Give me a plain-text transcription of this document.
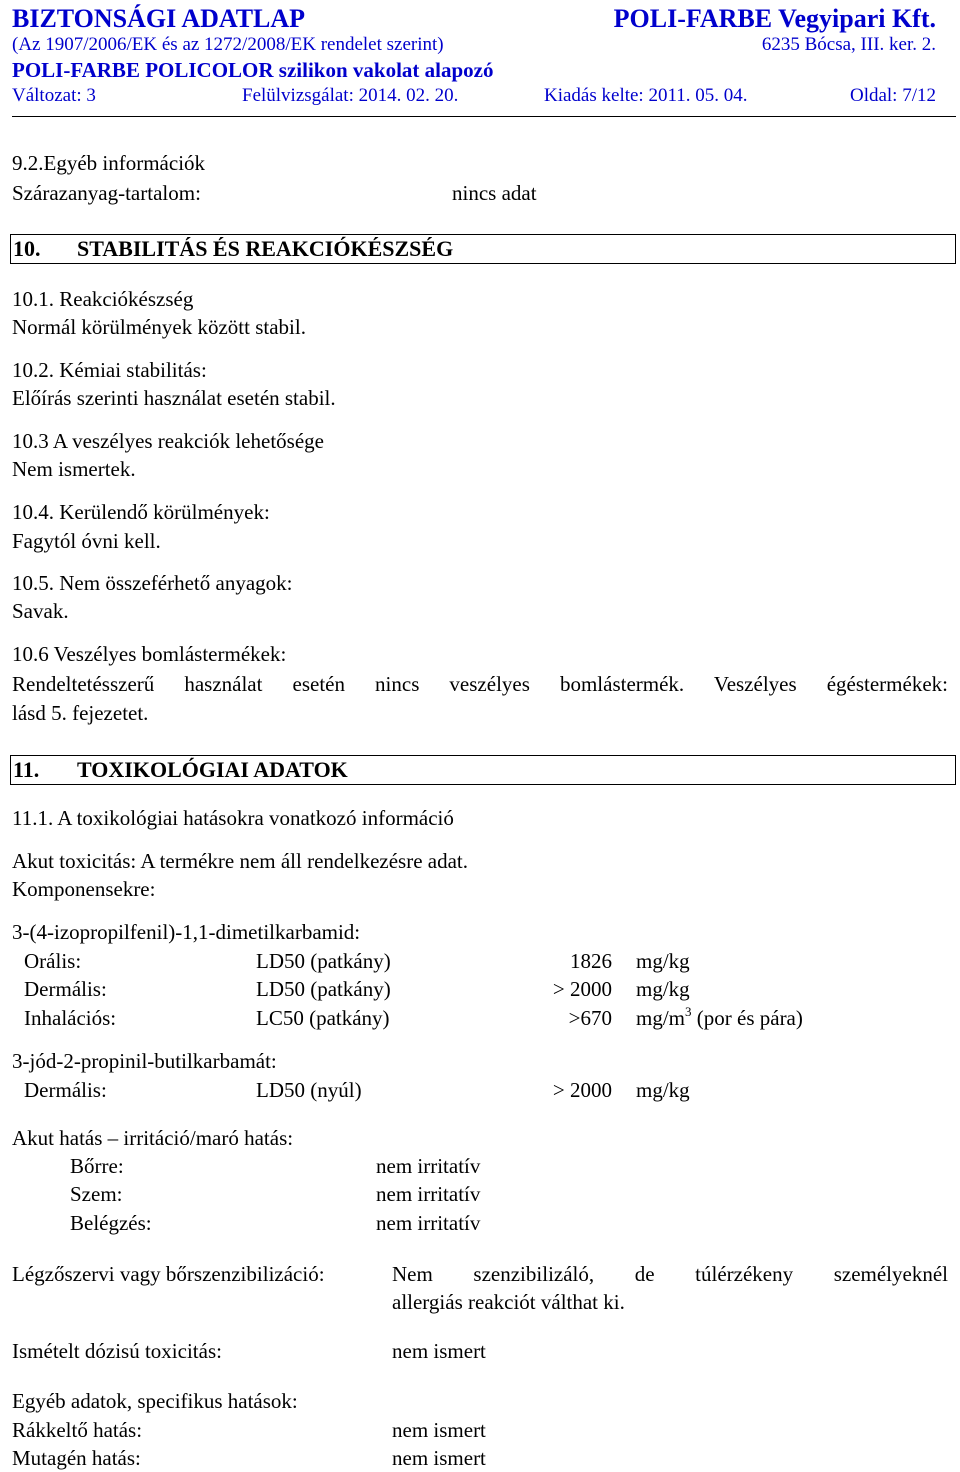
BIZTONSÁGI ADATLAP	POLI-FARBE Vegyipari Kft.
(Az 1907/2006/EK és az 1272/2008/EK rendelet szerint)	6235 Bócsa, III. ker. 2.
POLI-FARBE POLICOLOR szilikon vakolat alapozó
Változat: 3	Felülvizsgálat: 2014. 02. 20.	Kiadás kelte: 2011. 05. 04.	Oldal: 7/12
9.2.Egyéb információk
Szárazanyag-tartalom:	nincs adat
10. STABILITÁS ÉS REAKCIÓKÉSZSÉG
10.1. Reakciókészség
Normál körülmények között stabil.
10.2. Kémiai stabilitás:
Előírás szerinti használat esetén stabil.
10.3 A veszélyes reakciók lehetősége
Nem ismertek.
10.4. Kerülendő körülmények:
Fagytól óvni kell.
10.5. Nem összeférhető anyagok:
Savak.
10.6 Veszélyes bomlástermékek:
Rendeltetésszerű használat esetén nincs veszélyes bomlástermék. Veszélyes égéstermékek:
lásd 5. fejezetet.
11. TOXIKOLÓGIAI ADATOK
11.1. A toxikológiai hatásokra vonatkozó információ
Akut toxicitás: A termékre nem áll rendelkezésre adat.
Komponensekre:
3-(4-izopropilfenil)-1,1-dimetilkarbamid:
Orális:	LD50 (patkány)	1826 mg/kg
Dermális:	LD50 (patkány)	> 2000 mg/kg
Inhalációs:	LC50 (patkány)	>670 $mg/m^3$ (por és pára)
3-jód-2-propinil-butilkarbamát:
Dermális:	LD50 (nyúl)	> 2000 mg/kg
Akut hatás – irritáció/maró hatás:
Bőrre:	nem irritatív
Szem:	nem irritatív
Belégzés:	nem irritatív
Légzőszervi vagy bőrszenzibilizáció:	Nem szenzibilizáló, de túlérzékeny személyeknél
allergiás reakciót válthat ki.
Ismételt dózisú toxicitás:	nem ismert
Egyéb adatok, specifikus hatások:
Rákkeltő hatás:	nem ismert
Mutagén hatás:	nem ismert
